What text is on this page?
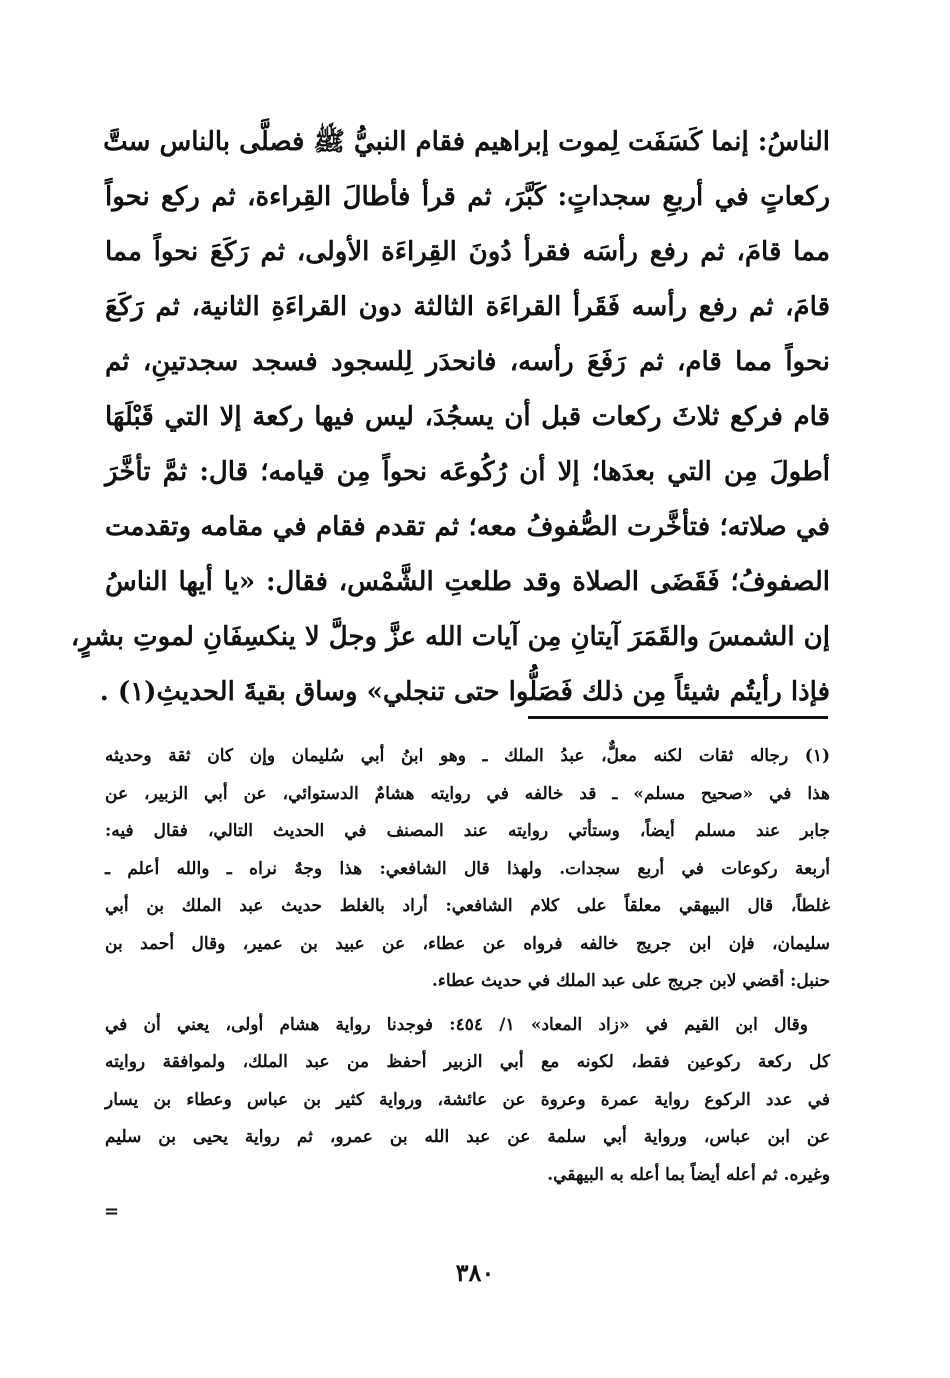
الناسُ: إنما كَسَفَت لِموت إبراهيم فقام النبيُّ ﷺ فصلَّى بالناس ستَّ
ركعاتٍ في أربعِ سجداتٍ: كَبَّرَ، ثم قرأ فأطالَ القِراءة، ثم ركع نحواً
مما قامَ، ثم رفع رأسَه فقرأ دُونَ القِراءَة الأولى، ثم رَكَعَ نحواً مما
قامَ، ثم رفع رأسه فَقَرأ القراءَة الثالثة دون القراءَةِ الثانية، ثم رَكَعَ
نحواً مما قام، ثم رَفَعَ رأسه، فانحدَر لِلسجود فسجد سجدتينِ، ثم
قام فركع ثلاثَ ركعات قبل أن يسجُدَ، ليس فيها ركعة إلا التي قَبْلَهَا
أطولَ مِن التي بعدَها؛ إلا أن رُكُوعَه نحواً مِن قيامه؛ قال: ثمَّ تأخَّرَ
في صلاته؛ فتأخَّرت الصُّفوفُ معه؛ ثم تقدم فقام في مقامه وتقدمت
الصفوفُ؛ فَقَضَى الصلاة وقد طلعتِ الشَّمْس، فقال: «يا أيها الناسُ
إن الشمسَ والقَمَرَ آيتانِ مِن آيات الله عزَّ وجلَّ لا ينكسِفَانِ لموتِ بشرٍ،
فإذا رأيتُم شيئاً مِن ذلك فَصَلُّوا حتى تنجلي» وساق بقيةَ الحديثِ(١) .
(١) رجاله ثقات لكنه معلٌّ، عبدُ الملك ـ وهو ابنُ أبي سُليمان وإن كان ثقة وحديثه
هذا في «صحيح مسلم» ـ قد خالفه في روايته هشامٌ الدستوائي، عن أبي الزبير، عن
جابر عند مسلم أيضاً، وستأتي روايته عند المصنف في الحديث التالي، فقال فيه:
أربعة ركوعات في أربع سجدات. ولهذا قال الشافعي: هذا وجهٌ نراه ـ والله أعلم ـ
غلطاً، قال البيهقي معلقاً على كلام الشافعي: أراد بالغلط حديث عبد الملك بن أبي
سليمان، فإن ابن جريج خالفه فرواه عن عطاء، عن عبيد بن عمير، وقال أحمد بن
حنبل: أقضي لابن جريج على عبد الملك في حديث عطاء.
وقال ابن القيم في «زاد المعاد» ١/ ٤٥٤: فوجدنا رواية هشام أولى، يعني أن في
كل ركعة ركوعين فقط، لكونه مع أبي الزبير أحفظ من عبد الملك، ولموافقة روايته
في عدد الركوع رواية عمرة وعروة عن عائشة، ورواية كثير بن عباس وعطاء بن يسار
عن ابن عباس، ورواية أبي سلمة عن عبد الله بن عمرو، ثم رواية يحيى بن سليم
وغيره. ثم أعله أيضاً بما أعله به البيهقي.
=
٣٨٠
